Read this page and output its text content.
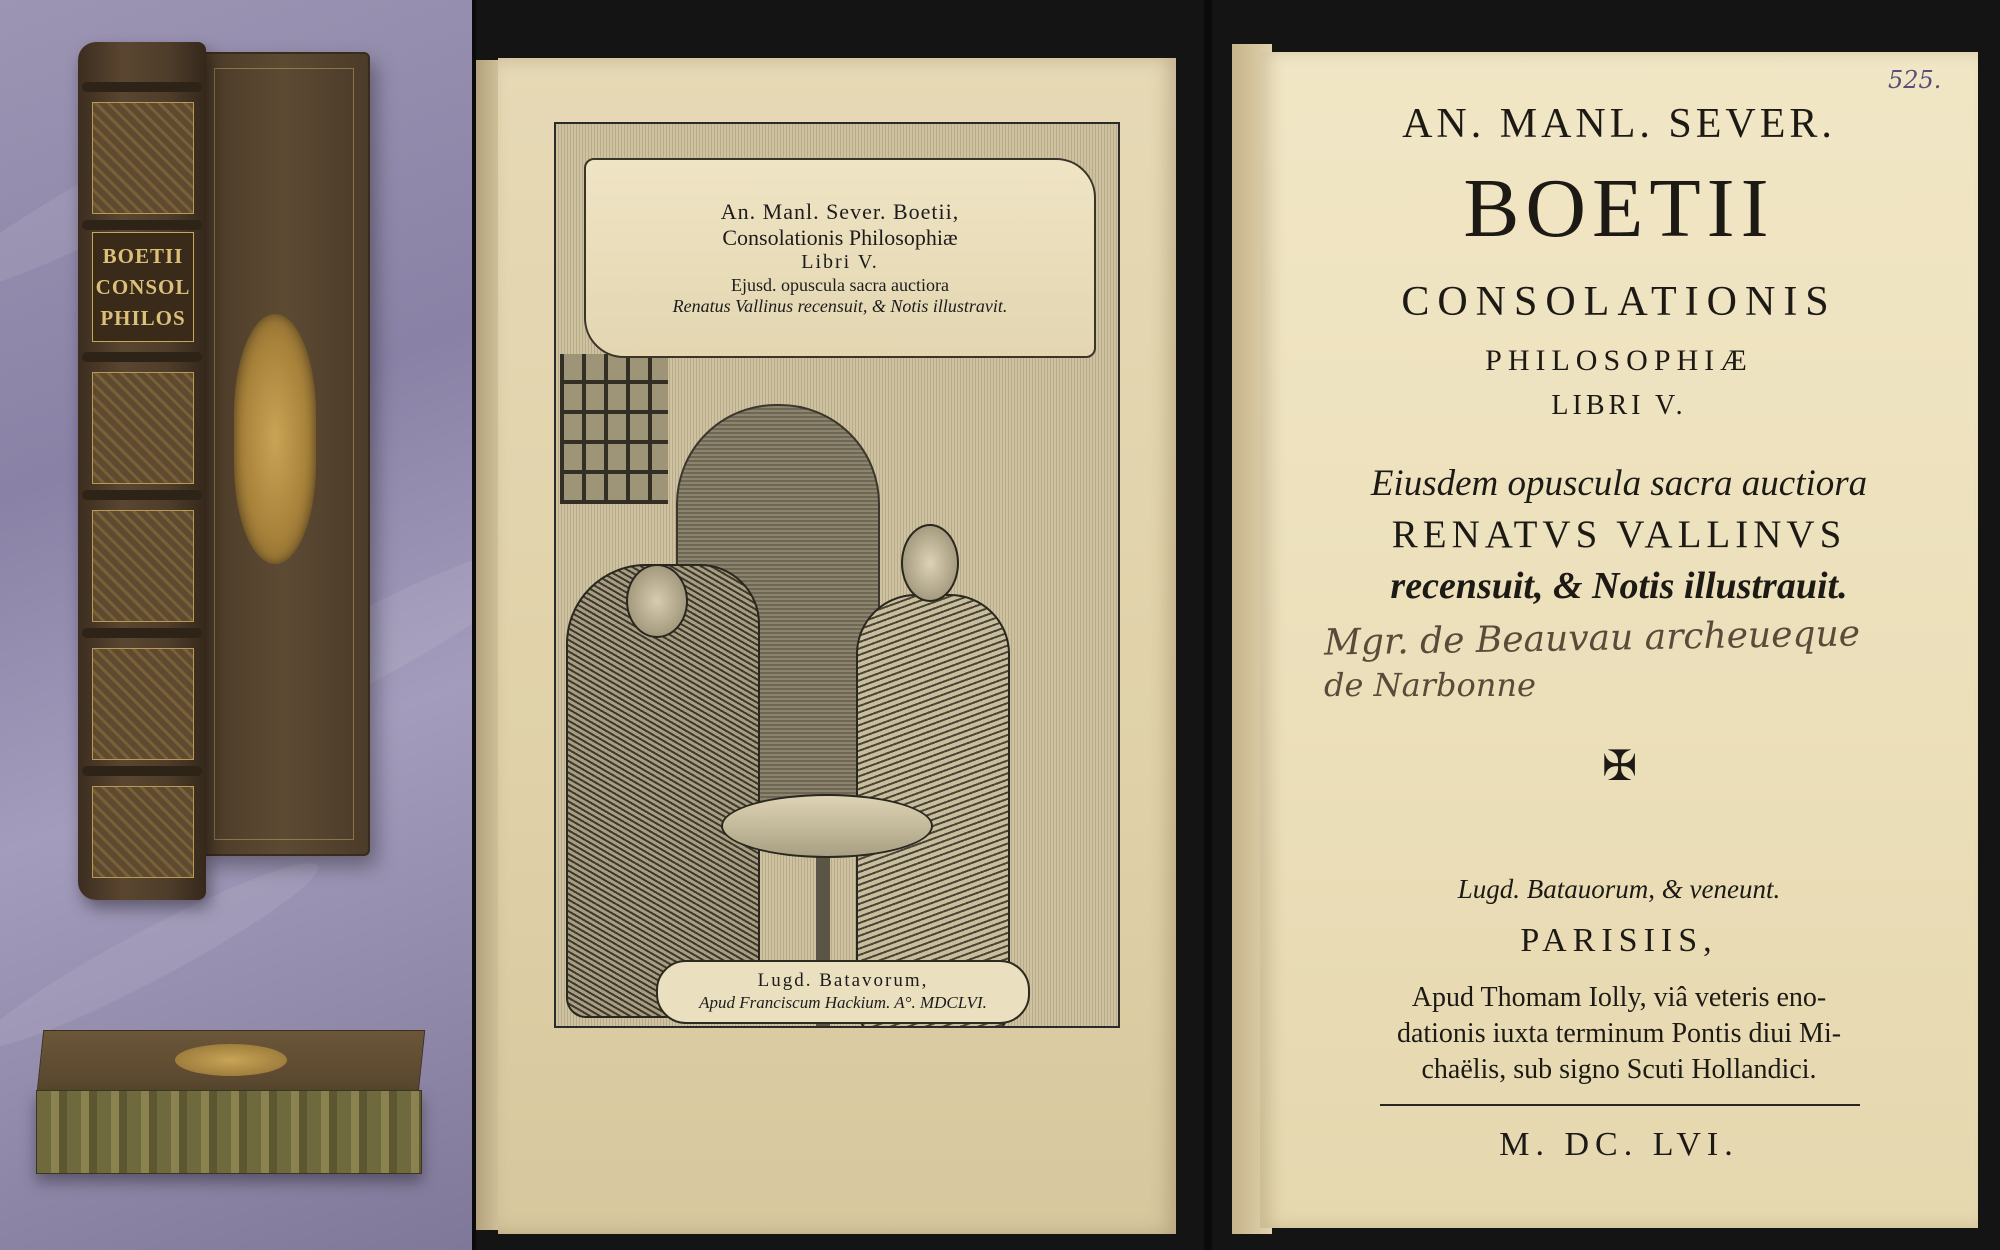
BOETII
CONSOL
PHILOS
An. Manl. Sever. Boetii,
Consolationis Philosophiæ
Libri V.
Ejusd. opuscula sacra auctiora
Renatus Vallinus recensuit, & Notis illustravit.
Lugd. Batavorum,
Apud Franciscum Hackium. A°. MDCLVI.
525.
AN. MANL. SEVER.
BOETII
CONSOLATIONIS
PHILOSOPHIÆ
LIBRI V.
Eiusdem opuscula sacra auctiora
RENATVS VALLINVS
recensuit, & Notis illustrauit.
Mgr. de Beauvau archeueque
de Narbonne
✠
Lugd. Batauorum, & veneunt.
PARISIIS,
Apud Thomam Iolly, viâ veteris eno-
dationis iuxta terminum Pontis diui Mi-
chaëlis, sub signo Scuti Hollandici.
M. DC. LVI.
